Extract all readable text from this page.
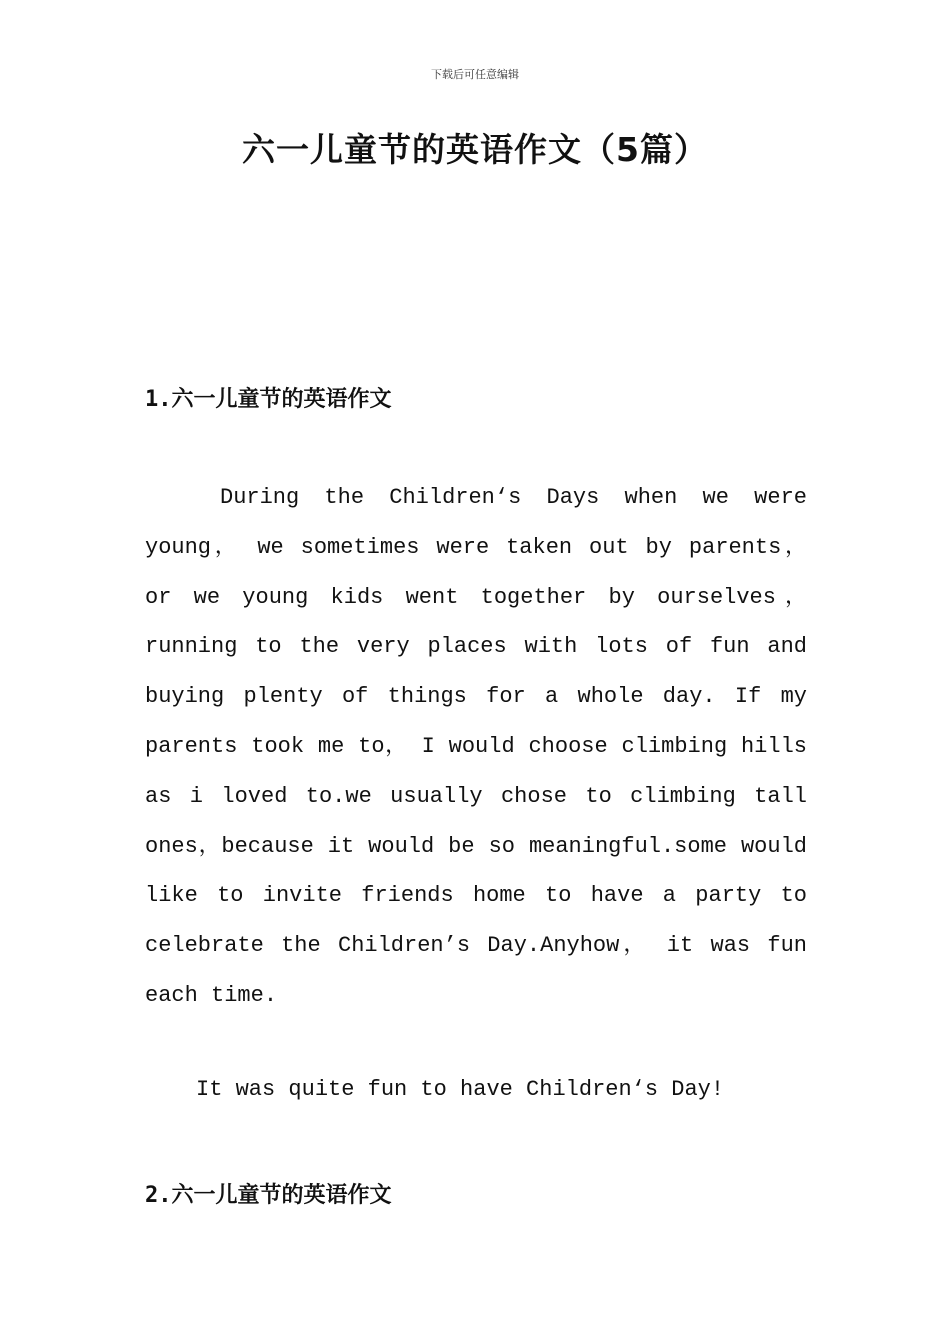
下载后可任意编辑
六一儿童节的英语作文（5篇）
1.六一儿童节的英语作文

During the Children‘s Days when we were young， we sometimes were taken out by parents， or we young kids went together by ourselves， running to the very places with lots of fun and buying plenty of things for a whole day. If my parents took me to， I would choose climbing hills as i loved to.we usually chose to climbing tall ones，because it would be so meaningful.some would like to invite friends home to have a party to celebrate the Children’s Day.Anyhow， it was fun each time.

It was quite fun to have Children‘s Day!

2.六一儿童节的英语作文
